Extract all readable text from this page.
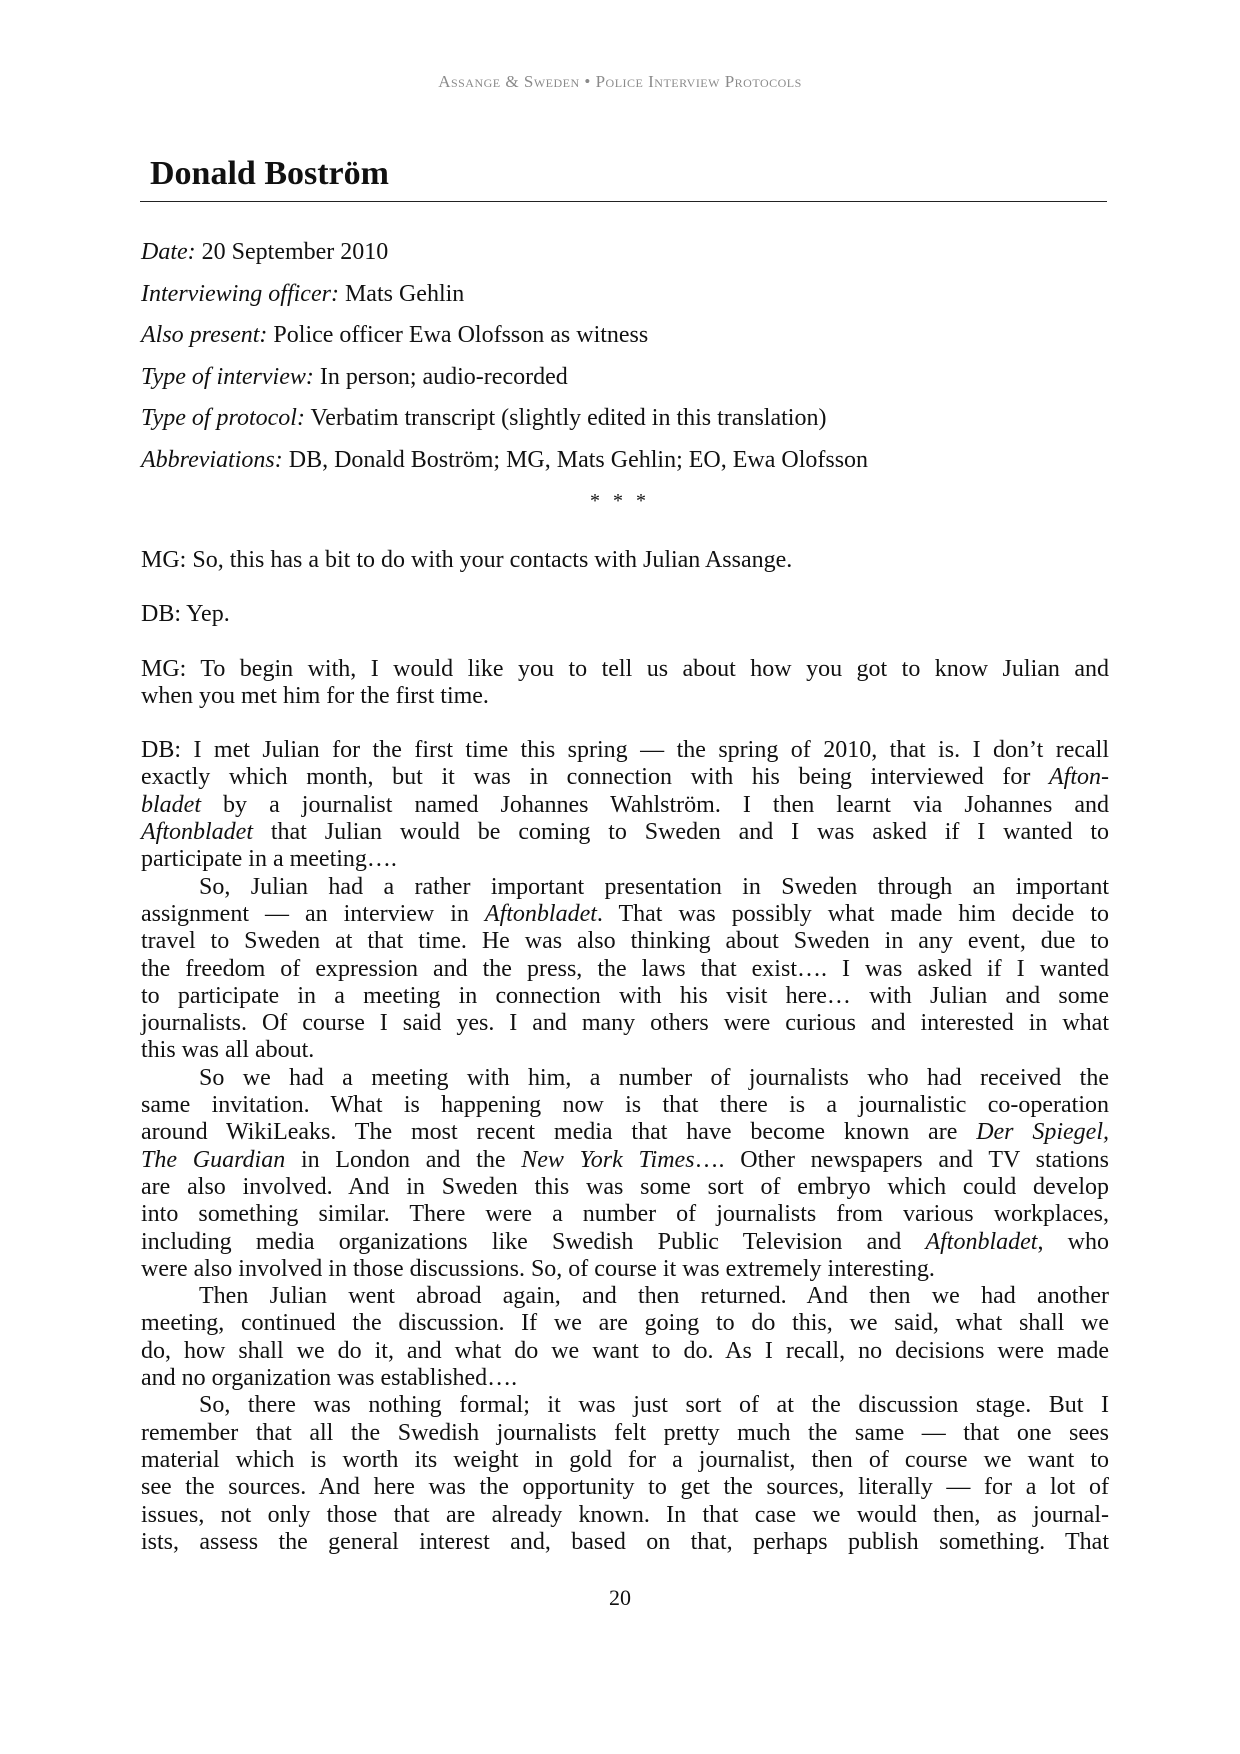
Assange & Sweden • Police Interview Protocols
Donald Boström
Date: 20 September 2010
Interviewing officer: Mats Gehlin
Also present: Police officer Ewa Olofsson as witness
Type of interview: In person; audio-recorded
Type of protocol: Verbatim transcript (slightly edited in this translation)
Abbreviations: DB, Donald Boström; MG, Mats Gehlin; EO, Ewa Olofsson
* * *

MG: So, this has a bit to do with your contacts with Julian Assange.

DB: Yep.

MG: To begin with, I would like you to tell us about how you got to know Julian and
when you met him for the first time.

DB: I met Julian for the first time this spring — the spring of 2010, that is. I don’t recall
exactly which month, but it was in connection with his being interviewed for Afton-
bladet by a journalist named Johannes Wahlström. I then learnt via Johannes and
Aftonbladet that Julian would be coming to Sweden and I was asked if I wanted to
participate in a meeting….

So, Julian had a rather important presentation in Sweden through an important
assignment — an interview in Aftonbladet. That was possibly what made him decide to
travel to Sweden at that time. He was also thinking about Sweden in any event, due to
the freedom of expression and the press, the laws that exist…. I was asked if I wanted
to participate in a meeting in connection with his visit here… with Julian and some
journalists. Of course I said yes. I and many others were curious and interested in what
this was all about.

So we had a meeting with him, a number of journalists who had received the
same invitation. What is happening now is that there is a journalistic co-operation
around WikiLeaks. The most recent media that have become known are Der Spiegel,
The Guardian in London and the New York Times…. Other newspapers and TV stations
are also involved. And in Sweden this was some sort of embryo which could develop
into something similar. There were a number of journalists from various workplaces,
including media organizations like Swedish Public Television and Aftonbladet, who
were also involved in those discussions. So, of course it was extremely interesting.

Then Julian went abroad again, and then returned. And then we had another
meeting, continued the discussion. If we are going to do this, we said, what shall we
do, how shall we do it, and what do we want to do. As I recall, no decisions were made
and no organization was established….

So, there was nothing formal; it was just sort of at the discussion stage. But I
remember that all the Swedish journalists felt pretty much the same — that one sees
material which is worth its weight in gold for a journalist, then of course we want to
see the sources. And here was the opportunity to get the sources, literally — for a lot of
issues, not only those that are already known. In that case we would then, as journal-
ists, assess the general interest and, based on that, perhaps publish something. That

20
